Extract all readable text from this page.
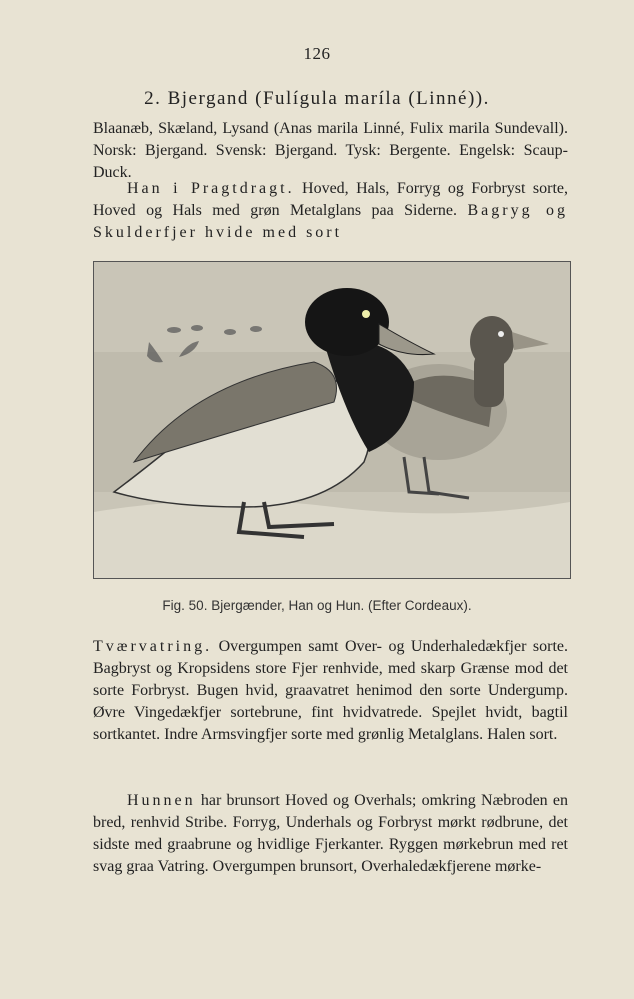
126
2. Bjergand (Fulígula maríla (Linné)).
Blaanæb, Skæland, Lysand (Anas marila Linné, Fulix marila Sundevall). Norsk: Bjergand. Svensk: Bjergand. Tysk: Bergente. Engelsk: Scaup-Duck.
Han i Pragtdragt. Hoved, Hals, Forryg og Forbryst sorte, Hoved og Hals med grøn Metalglans paa Siderne. Bagryg og Skulderfjer hvide med sort
Fig. 50. Bjergænder, Han og Hun. (Efter Cordeaux).
Tværvatring. Overgumpen samt Over- og Underhaledækfjer sorte. Bagbryst og Kropsidens store Fjer renhvide, med skarp Grænse mod det sorte Forbryst. Bugen hvid, graavatret henimod den sorte Undergump. Øvre Vingedækfjer sortebrune, fint hvidvatrede. Spejlet hvidt, bagtil sortkantet. Indre Armsvingfjer sorte med grønlig Metalglans. Halen sort.
Hunnen har brunsort Hoved og Overhals; omkring Næbroden en bred, renhvid Stribe. Forryg, Underhals og Forbryst mørkt rødbrune, det sidste med graabrune og hvidlige Fjerkanter. Ryggen mørkebrun med ret svag graa Vatring. Overgumpen brunsort, Overhaledækfjerene mørke-
